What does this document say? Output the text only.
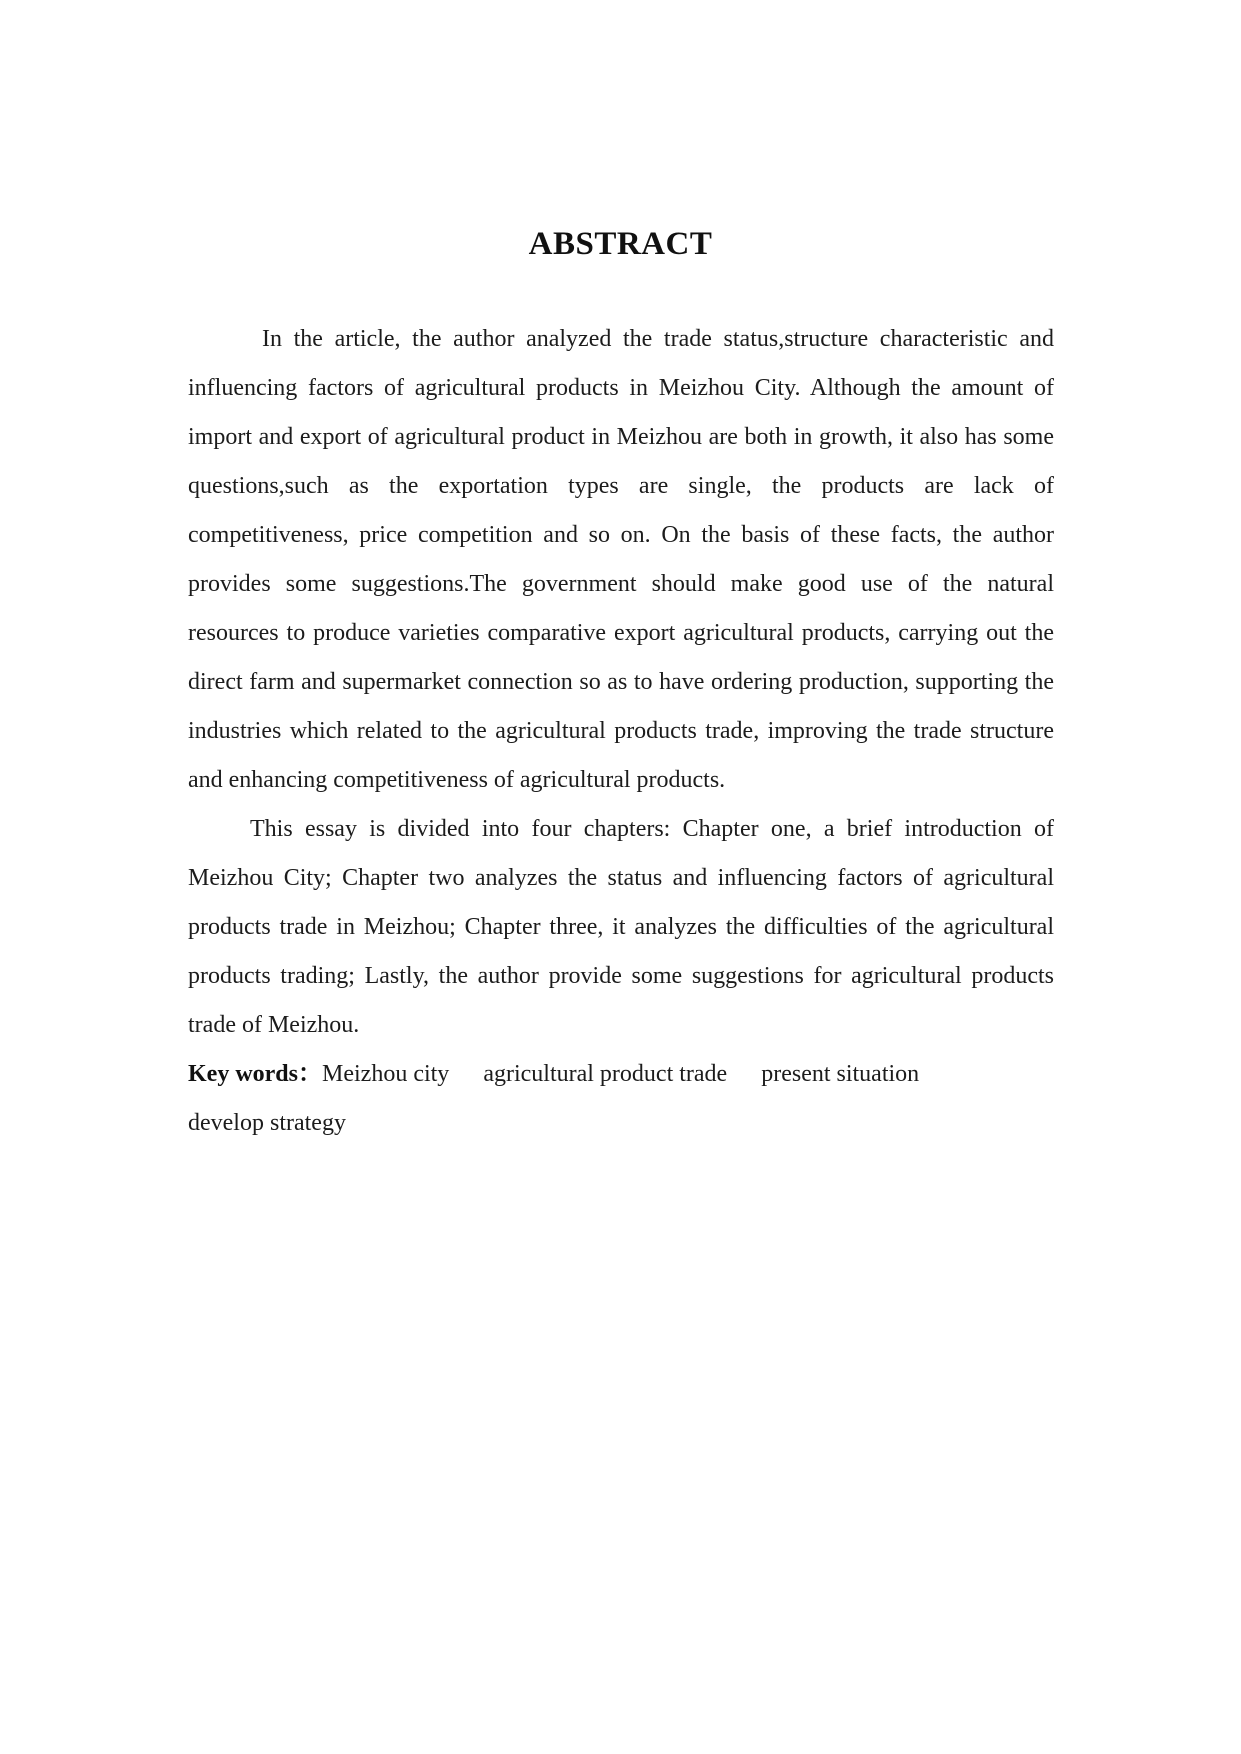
ABSTRACT

In the article, the author analyzed the trade status,structure characteristic and influencing factors of agricultural products in Meizhou City. Although the amount of import and export of agricultural product in Meizhou are both in growth, it also has some questions,such as the exportation types are single, the products are lack of competitiveness, price competition and so on. On the basis of these facts, the author provides some suggestions.The government should make good use of the natural resources to produce varieties comparative export agricultural products, carrying out the direct farm and supermarket connection so as to have ordering production, supporting the industries which related to the agricultural products trade, improving the trade structure and enhancing competitiveness of agricultural products.

This essay is divided into four chapters: Chapter one, a brief introduction of Meizhou City; Chapter two analyzes the status and influencing factors of agricultural products trade in Meizhou; Chapter three, it analyzes the difficulties of the agricultural products trading; Lastly, the author provide some suggestions for agricultural products trade of Meizhou.

Key words：Meizhou city agricultural product trade present situationdevelop strategy
